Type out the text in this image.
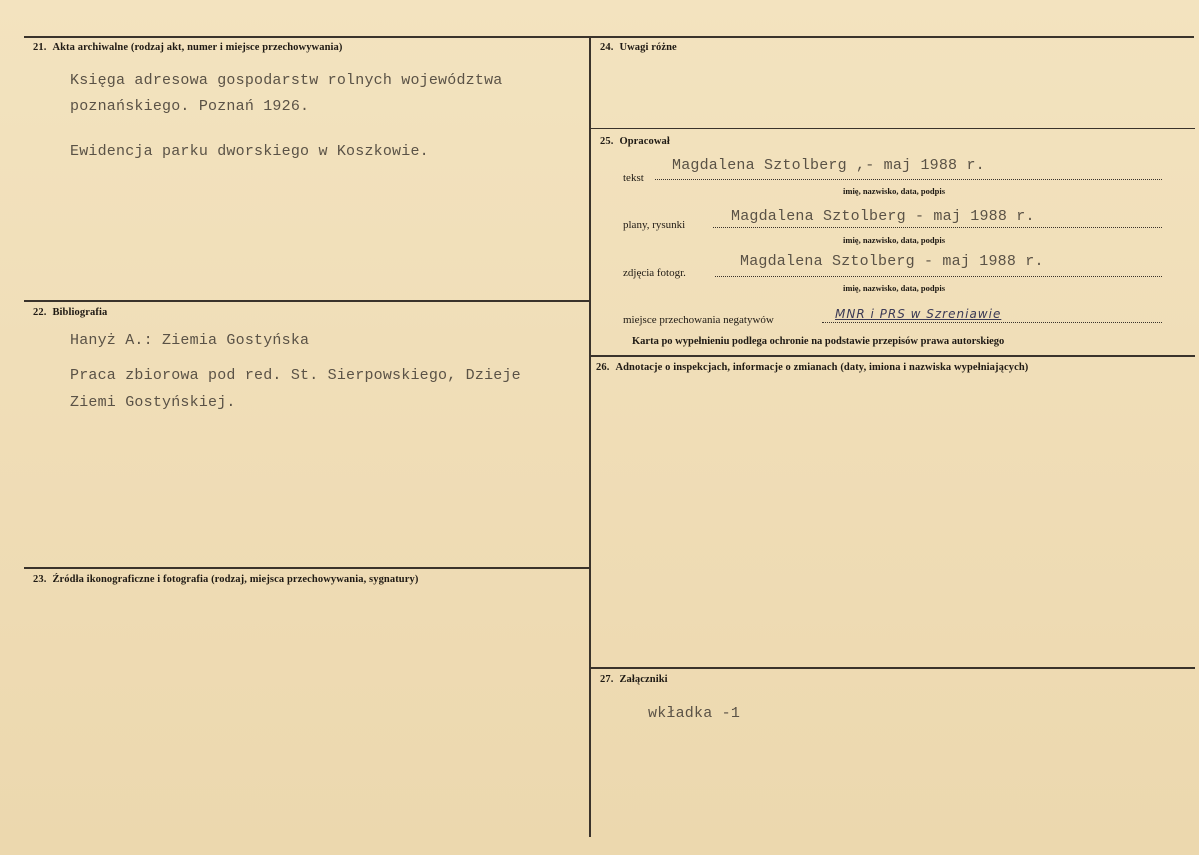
21. Akta archiwalne (rodzaj akt, numer i miejsce przechowywania)
Księga adresowa gospodarstw rolnych województwa
poznańskiego. Poznań 1926.
Ewidencja parku dworskiego w Koszkowie.
22. Bibliografia
Hanyż A.: Ziemia Gostyńska
Praca zbiorowa pod red. St. Sierpowskiego, Dzieje
Ziemi Gostyńskiej.
23. Źródła ikonograficzne i fotografia (rodzaj, miejsca przechowywania, sygnatury)
24. Uwagi różne
25. Opracował
tekst
Magdalena Sztolberg ,- maj 1988 r.
imię, nazwisko, data, podpis
plany, rysunki	Magdalena Sztolberg - maj 1988 r.
imię, nazwisko, data, podpis
zdjęcia fotogr.
Magdalena Sztolberg - maj 1988 r.
imię, nazwisko, data, podpis
miejsce przechowania negatywów	MNR i PRS w Szreniawie
Karta po wypełnieniu podlega ochronie na podstawie przepisów prawa autorskiego
26. Adnotacje o inspekcjach, informacje o zmianach (daty, imiona i nazwiska wypełniających)
27. Załączniki
wkładka -1
